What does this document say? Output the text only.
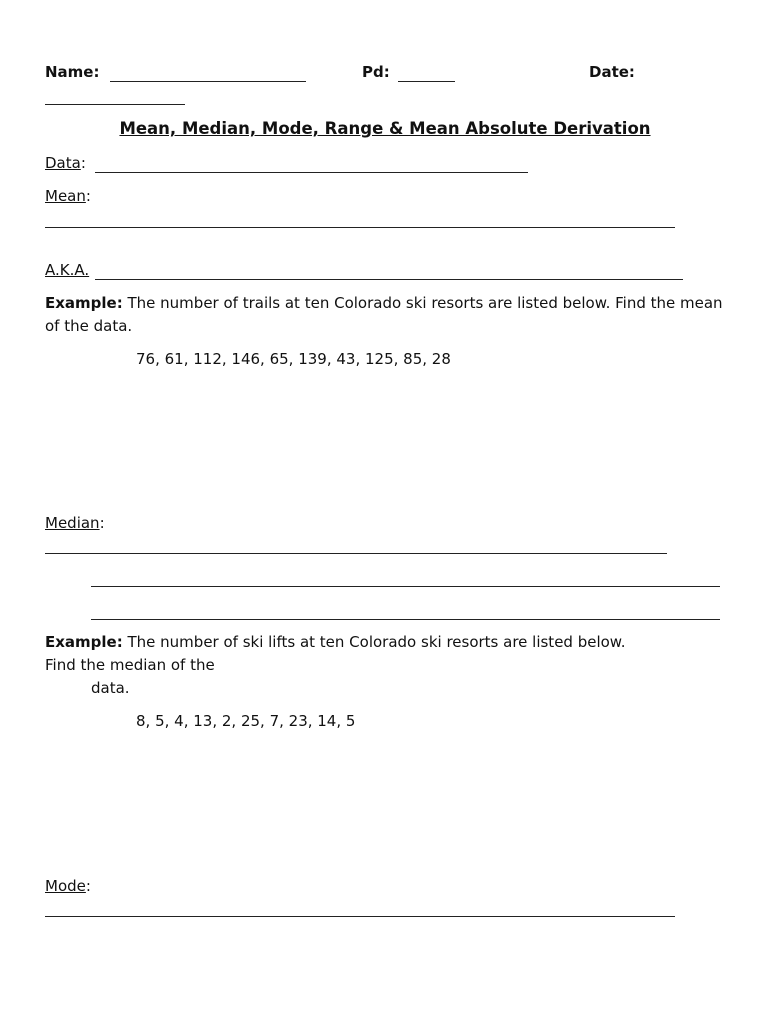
Name:	Pd:	Date:
Mean, Median, Mode, Range & Mean Absolute Derivation
Data:
Mean:
A.K.A.
Example: The number of trails at ten Colorado ski resorts are listed below. Find the mean of the data.
76, 61, 112, 146, 65, 139, 43, 125, 85, 28
Median:
Example: The number of ski lifts at ten Colorado ski resorts are listed below.
Find the median of the
data.
8, 5, 4, 13, 2, 25, 7, 23, 14, 5
Mode:
